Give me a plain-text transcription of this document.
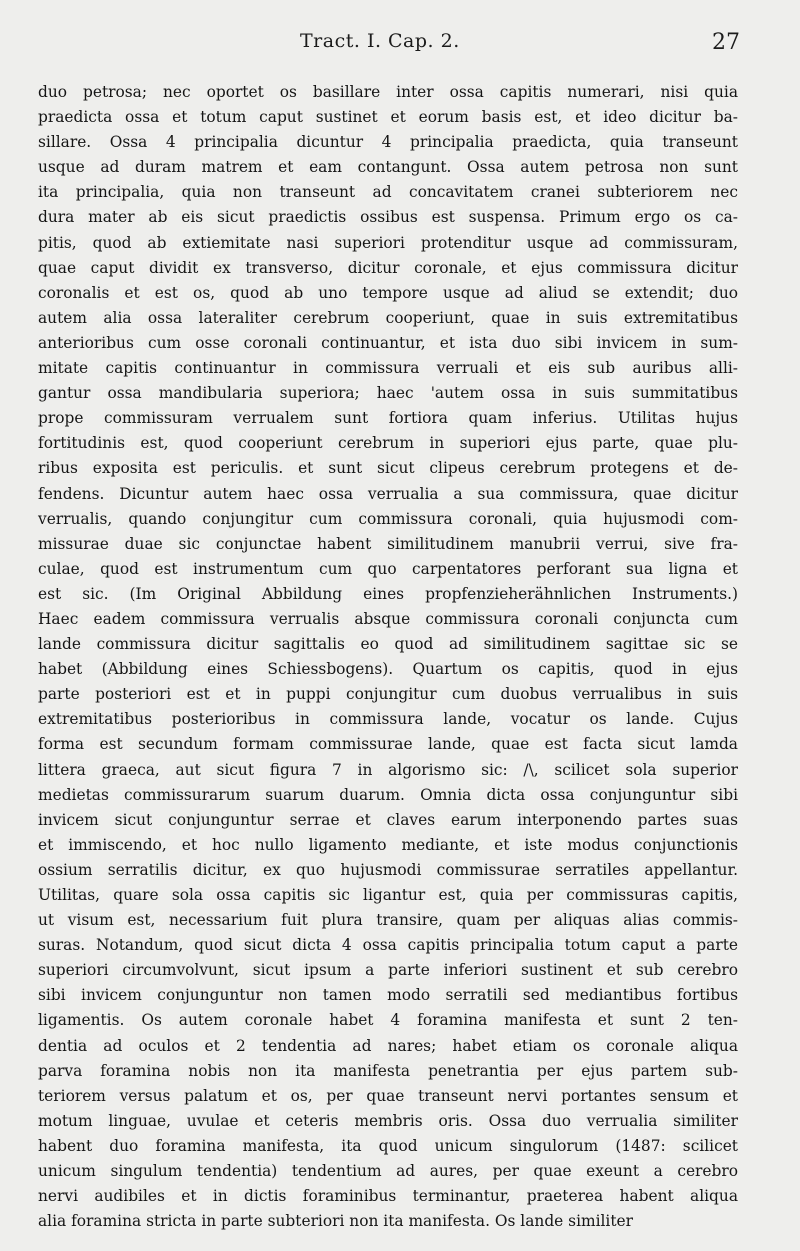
Tract. I. Cap. 2.	27
duo petrosa; nec oportet os basillare inter ossa capitis numerari, nisi quia
praedicta ossa et totum caput sustinet et eorum basis est, et ideo dicitur ba-
sillare. Ossa 4 principalia dicuntur 4 principalia praedicta, quia transeunt
usque ad duram matrem et eam contangunt. Ossa autem petrosa non sunt
ita principalia, quia non transeunt ad concavitatem cranei subteriorem nec
dura mater ab eis sicut praedictis ossibus est suspensa. Primum ergo os ca-
pitis, quod ab extiemitate nasi superiori protenditur usque ad commissuram,
quae caput dividit ex transverso, dicitur coronale, et ejus commissura dicitur
coronalis et est os, quod ab uno tempore usque ad aliud se extendit; duo
autem alia ossa lateraliter cerebrum cooperiunt, quae in suis extremitatibus
anterioribus cum osse coronali continuantur, et ista duo sibi invicem in sum-
mitate capitis continuantur in commissura verruali et eis sub auribus alli-
gantur ossa mandibularia superiora; haec 'autem ossa in suis summitatibus
prope commissuram verrualem sunt fortiora quam inferius. Utilitas hujus
fortitudinis est, quod cooperiunt cerebrum in superiori ejus parte, quae plu-
ribus exposita est periculis. et sunt sicut clipeus cerebrum protegens et de-
fendens. Dicuntur autem haec ossa verrualia a sua commissura, quae dicitur
verrualis, quando conjungitur cum commissura coronali, quia hujusmodi com-
missurae duae sic conjunctae habent similitudinem manubrii verrui, sive fra-
culae, quod est instrumentum cum quo carpentatores perforant sua ligna et
est sic. (Im Original Abbildung eines propfenzieherähnlichen Instruments.)
Haec eadem commissura verrualis absque commissura coronali conjuncta cum
lande commissura dicitur sagittalis eo quod ad similitudinem sagittae sic se
habet (Abbildung eines Schiessbogens). Quartum os capitis, quod in ejus
parte posteriori est et in puppi conjungitur cum duobus verrualibus in suis
extremitatibus posterioribus in commissura lande, vocatur os lande. Cujus
forma est secundum formam commissurae lande, quae est facta sicut lamda
littera graeca, aut sicut figura 7 in algorismo sic: /\, scilicet sola superior
medietas commissurarum suarum duarum. Omnia dicta ossa conjunguntur sibi
invicem sicut conjunguntur serrae et claves earum interponendo partes suas
et immiscendo, et hoc nullo ligamento mediante, et iste modus conjunctionis
ossium serratilis dicitur, ex quo hujusmodi commissurae serratiles appellantur.
Utilitas, quare sola ossa capitis sic ligantur est, quia per commissuras capitis,
ut visum est, necessarium fuit plura transire, quam per aliquas alias commis-
suras. Notandum, quod sicut dicta 4 ossa capitis principalia totum caput a parte
superiori circumvolvunt, sicut ipsum a parte inferiori sustinent et sub cerebro
sibi invicem conjunguntur non tamen modo serratili sed mediantibus fortibus
ligamentis. Os autem coronale habet 4 foramina manifesta et sunt 2 ten-
dentia ad oculos et 2 tendentia ad nares; habet etiam os coronale aliqua
parva foramina nobis non ita manifesta penetrantia per ejus partem sub-
teriorem versus palatum et os, per quae transeunt nervi portantes sensum et
motum linguae, uvulae et ceteris membris oris. Ossa duo verrualia similiter
habent duo foramina manifesta, ita quod unicum singulorum (1487: scilicet
unicum singulum tendentia) tendentium ad aures, per quae exeunt a cerebro
nervi audibiles et in dictis foraminibus terminantur, praeterea habent aliqua
alia foramina stricta in parte subteriori non ita manifesta. Os lande similiter
